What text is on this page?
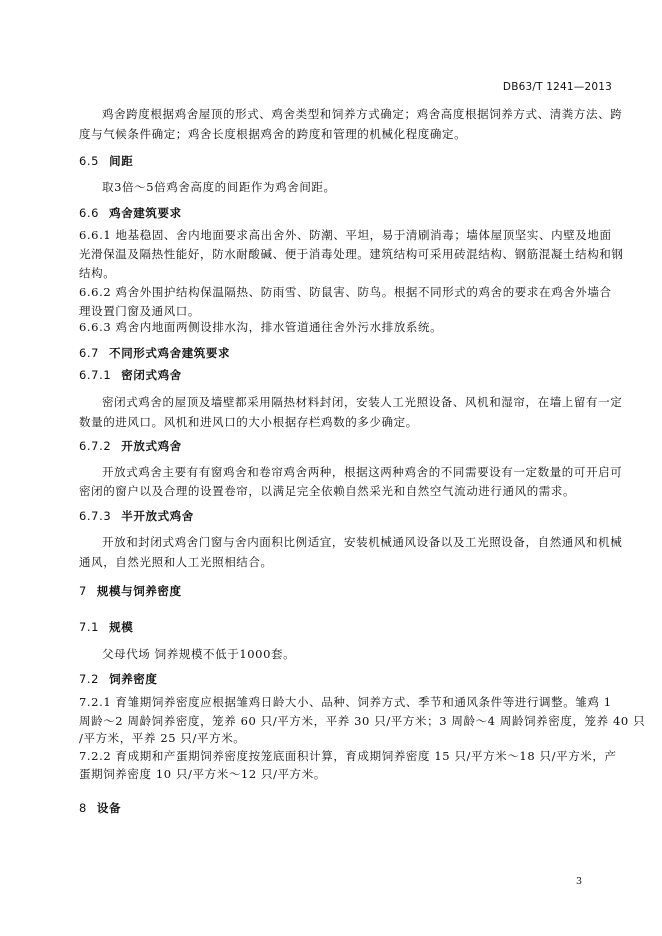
DB63/T 1241—2013
鸡舍跨度根据鸡舍屋顶的形式、鸡舍类型和饲养方式确定；鸡舍高度根据饲养方式、清粪方法、跨
度与气候条件确定；鸡舍长度根据鸡舍的跨度和管理的机械化程度确定。
6.5 间距
取3倍～5倍鸡舍高度的间距作为鸡舍间距。
6.6 鸡舍建筑要求
6.6.1 地基稳固、舍内地面要求高出舍外、防潮、平坦，易于清刷消毒；墙体屋顶坚实、内壁及地面
光滑保温及隔热性能好，防水耐酸碱、便于消毒处理。建筑结构可采用砖混结构、钢筋混凝土结构和钢
结构。
6.6.2 鸡舍外围护结构保温隔热、防雨雪、防鼠害、防鸟。根据不同形式的鸡舍的要求在鸡舍外墙合
理设置门窗及通风口。
6.6.3 鸡舍内地面两侧设排水沟，排水管道通往舍外污水排放系统。
6.7 不同形式鸡舍建筑要求
6.7.1 密闭式鸡舍
密闭式鸡舍的屋顶及墙壁都采用隔热材料封闭，安装人工光照设备、风机和湿帘，在墙上留有一定
数量的进风口。风机和进风口的大小根据存栏鸡数的多少确定。
6.7.2 开放式鸡舍
开放式鸡舍主要有有窗鸡舍和卷帘鸡舍两种，根据这两种鸡舍的不同需要设有一定数量的可开启可
密闭的窗户以及合理的设置卷帘，以满足完全依赖自然采光和自然空气流动进行通风的需求。
6.7.3 半开放式鸡舍
开放和封闭式鸡舍门窗与舍内面积比例适宜，安装机械通风设备以及工光照设备，自然通风和机械
通风，自然光照和人工光照相结合。
7 规模与饲养密度
7.1 规模
父母代场 饲养规模不低于1000套。
7.2 饲养密度
7.2.1 育雏期饲养密度应根据雏鸡日龄大小、品种、饲养方式、季节和通风条件等进行调整。雏鸡 1
周龄～2 周龄饲养密度，笼养 60 只/平方米，平养 30 只/平方米；3 周龄～4 周龄饲养密度，笼养 40 只
/平方米，平养 25 只/平方米。
7.2.2 育成期和产蛋期饲养密度按笼底面积计算，育成期饲养密度 15 只/平方米～18 只/平方米，产
蛋期饲养密度 10 只/平方米～12 只/平方米。
8 设备
3
